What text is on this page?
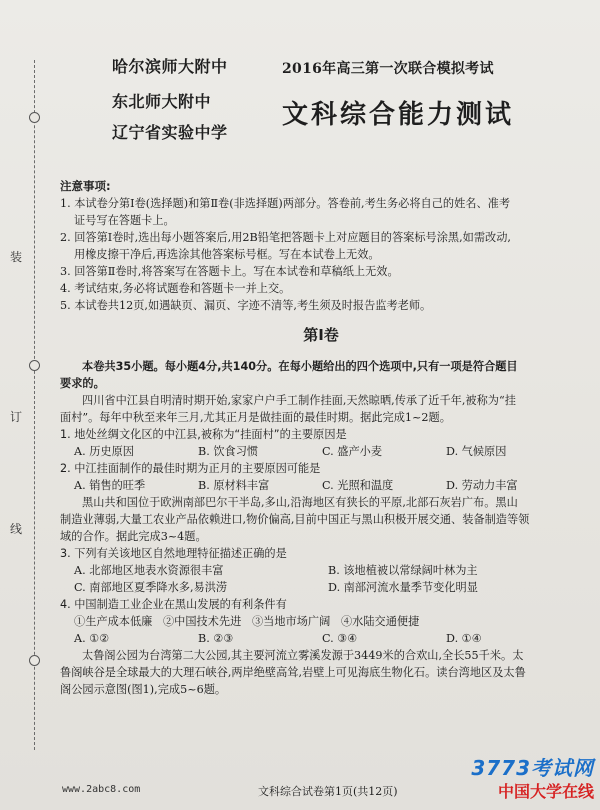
装
订
线
哈尔滨师大附中
东北师大附中
辽宁省实验中学
2016年高三第一次联合模拟考试
文科综合能力测试
注意事项:
1. 本试卷分第Ⅰ卷(选择题)和第Ⅱ卷(非选择题)两部分。答卷前,考生务必将自己的姓名、准考
证号写在答题卡上。
2. 回答第Ⅰ卷时,选出每小题答案后,用2B铅笔把答题卡上对应题目的答案标号涂黑,如需改动,
用橡皮擦干净后,再选涂其他答案标号框。写在本试卷上无效。
3. 回答第Ⅱ卷时,将答案写在答题卡上。写在本试卷和草稿纸上无效。
4. 考试结束,务必将试题卷和答题卡一并上交。
5. 本试卷共12页,如遇缺页、漏页、字迹不清等,考生须及时报告监考老师。
第Ⅰ卷
本卷共35小题。每小题4分,共140分。在每小题给出的四个选项中,只有一项是符合题目
要求的。
四川省中江县自明清时期开始,家家户户手工制作挂面,天然晾晒,传承了近千年,被称为“挂
面村”。每年中秋至来年三月,尤其正月是做挂面的最佳时期。据此完成1~2题。
1. 地处丝绸文化区的中江县,被称为“挂面村”的主要原因是
A. 历史原因	B. 饮食习惯	C. 盛产小麦	D. 气候原因
2. 中江挂面制作的最佳时期为正月的主要原因可能是
A. 销售的旺季	B. 原材料丰富	C. 光照和温度	D. 劳动力丰富
黑山共和国位于欧洲南部巴尔干半岛,多山,沿海地区有狭长的平原,北部石灰岩广布。黑山
制造业薄弱,大量工农业产品依赖进口,物价偏高,目前中国正与黑山积极开展交通、装备制造等领
域的合作。据此完成3~4题。
3. 下列有关该地区自然地理特征描述正确的是
A. 北部地区地表水资源很丰富	B. 该地植被以常绿阔叶林为主
C. 南部地区夏季降水多,易洪涝	D. 南部河流水量季节变化明显
4. 中国制造工业企业在黑山发展的有利条件有
①生产成本低廉   ②中国技术先进   ③当地市场广阔   ④水陆交通便捷
A. ①②	B. ②③	C. ③④	D. ①④
太鲁阁公园为台湾第二大公园,其主要河流立雾溪发源于3449米的合欢山,全长55千米。太
鲁阁峡谷是全球最大的大理石峡谷,两岸绝壁高耸,岩壁上可见海底生物化石。读台湾地区及太鲁
阁公园示意图(图1),完成5~6题。
www.2abc8.com	文科综合试卷第1页(共12页)
3773考试网
中国大学在线
